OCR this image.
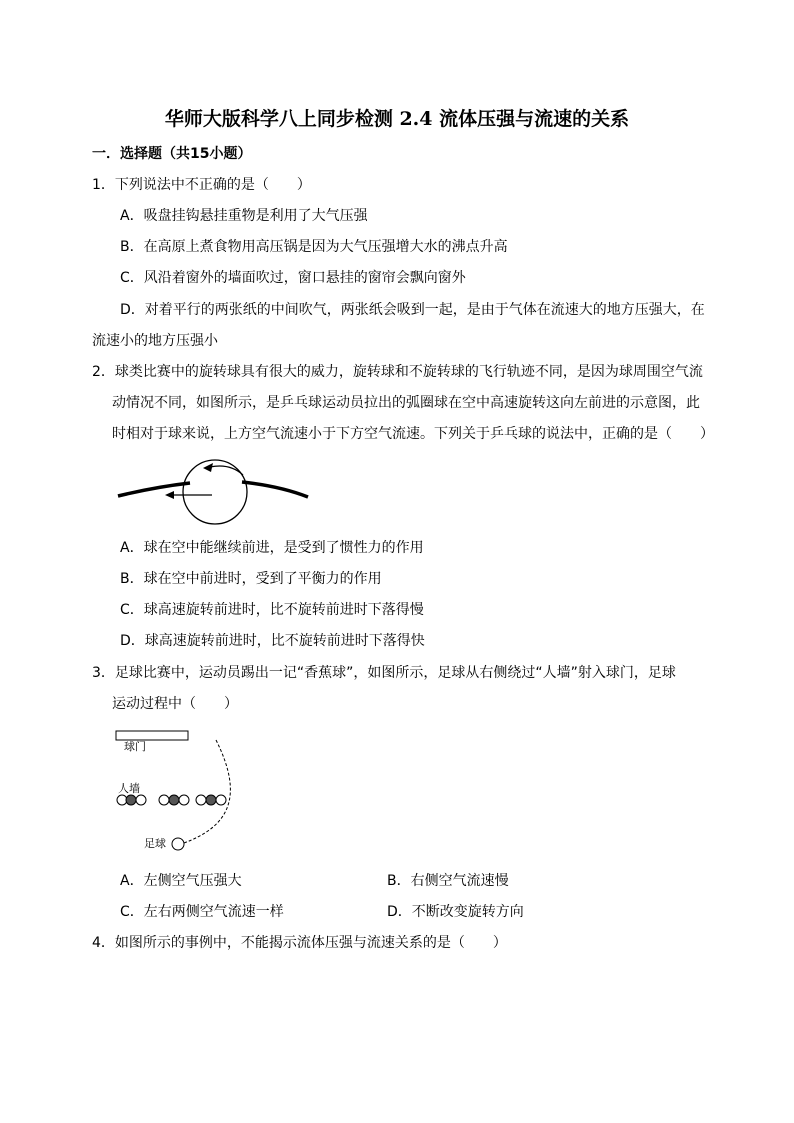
华师大版科学八上同步检测 2.4 流体压强与流速的关系
一．选择题（共15小题）
1．下列说法中不正确的是（　　）
A．吸盘挂钩悬挂重物是利用了大气压强
B．在高原上煮食物用高压锅是因为大气压强增大水的沸点升高
C．风沿着窗外的墙面吹过，窗口悬挂的窗帘会飘向窗外
D．对着平行的两张纸的中间吹气，两张纸会吸到一起，是由于气体在流速大的地方压强大，在
流速小的地方压强小
2．球类比赛中的旋转球具有很大的威力，旋转球和不旋转球的飞行轨迹不同，是因为球周围空气流
动情况不同，如图所示，是乒乓球运动员拉出的弧圈球在空中高速旋转这向左前进的示意图，此
时相对于球来说，上方空气流速小于下方空气流速。下列关于乒乓球的说法中，正确的是（　　）
A．球在空中能继续前进，是受到了惯性力的作用
B．球在空中前进时，受到了平衡力的作用
C．球高速旋转前进时，比不旋转前进时下落得慢
D．球高速旋转前进时，比不旋转前进时下落得快
3．足球比赛中，运动员踢出一记“香蕉球”，如图所示，足球从右侧绕过“人墙”射入球门，足球
运动过程中（　　）
球门
人墙
足球
A．左侧空气压强大	B．右侧空气流速慢
C．左右两侧空气流速一样	D．不断改变旋转方向
4．如图所示的事例中，不能揭示流体压强与流速关系的是（　　）
